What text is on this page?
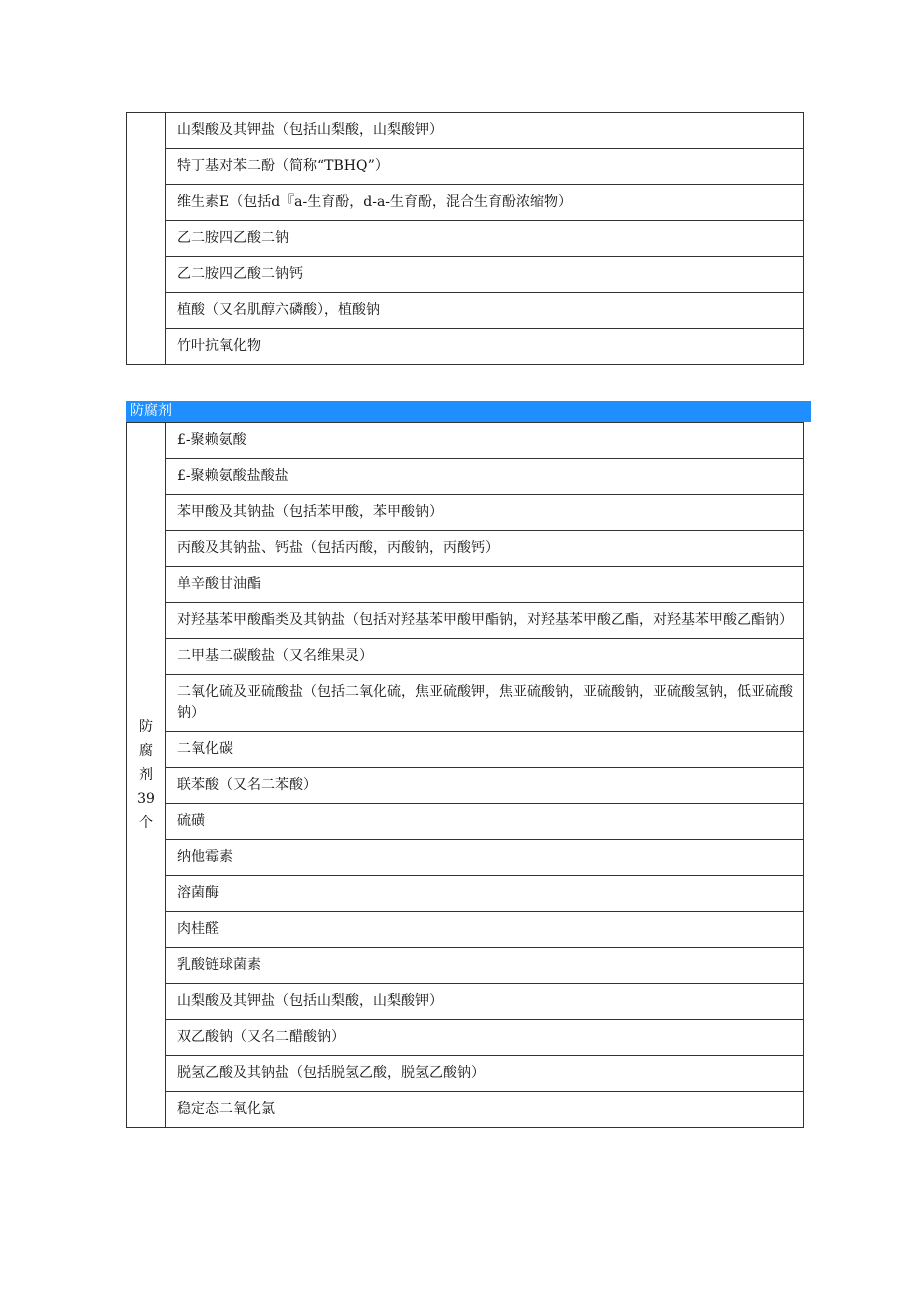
	山梨酸及其钾盐（包括山梨酸，山梨酸钾）
特丁基对苯二酚（简称“TBHQ”）
维生素E（包括d『a-生育酚，d-a-生育酚，混合生育酚浓缩物）
乙二胺四乙酸二钠
乙二胺四乙酸二钠钙
植酸（又名肌醇六磷酸），植酸钠
竹叶抗氧化物
防腐剂
防腐剂39个	£-聚赖氨酸
£-聚赖氨酸盐酸盐
苯甲酸及其钠盐（包括苯甲酸，苯甲酸钠）
丙酸及其钠盐、钙盐（包括丙酸，丙酸钠，丙酸钙）
单辛酸甘油酯
对羟基苯甲酸酯类及其钠盐（包括对羟基苯甲酸甲酯钠，对羟基苯甲酸乙酯，对羟基苯甲酸乙酯钠）
二甲基二碳酸盐（又名维果灵）
二氧化硫及亚硫酸盐（包括二氧化硫，焦亚硫酸钾，焦亚硫酸钠，亚硫酸钠，亚硫酸氢钠，低亚硫酸钠）
二氧化碳
联苯酸（又名二苯酸）
硫磺
纳他霉素
溶菌酶
肉桂醛
乳酸链球菌素
山梨酸及其钾盐（包括山梨酸，山梨酸钾）
双乙酸钠（又名二醋酸钠）
脱氢乙酸及其钠盐（包括脱氢乙酸，脱氢乙酸钠）
稳定态二氧化氯
